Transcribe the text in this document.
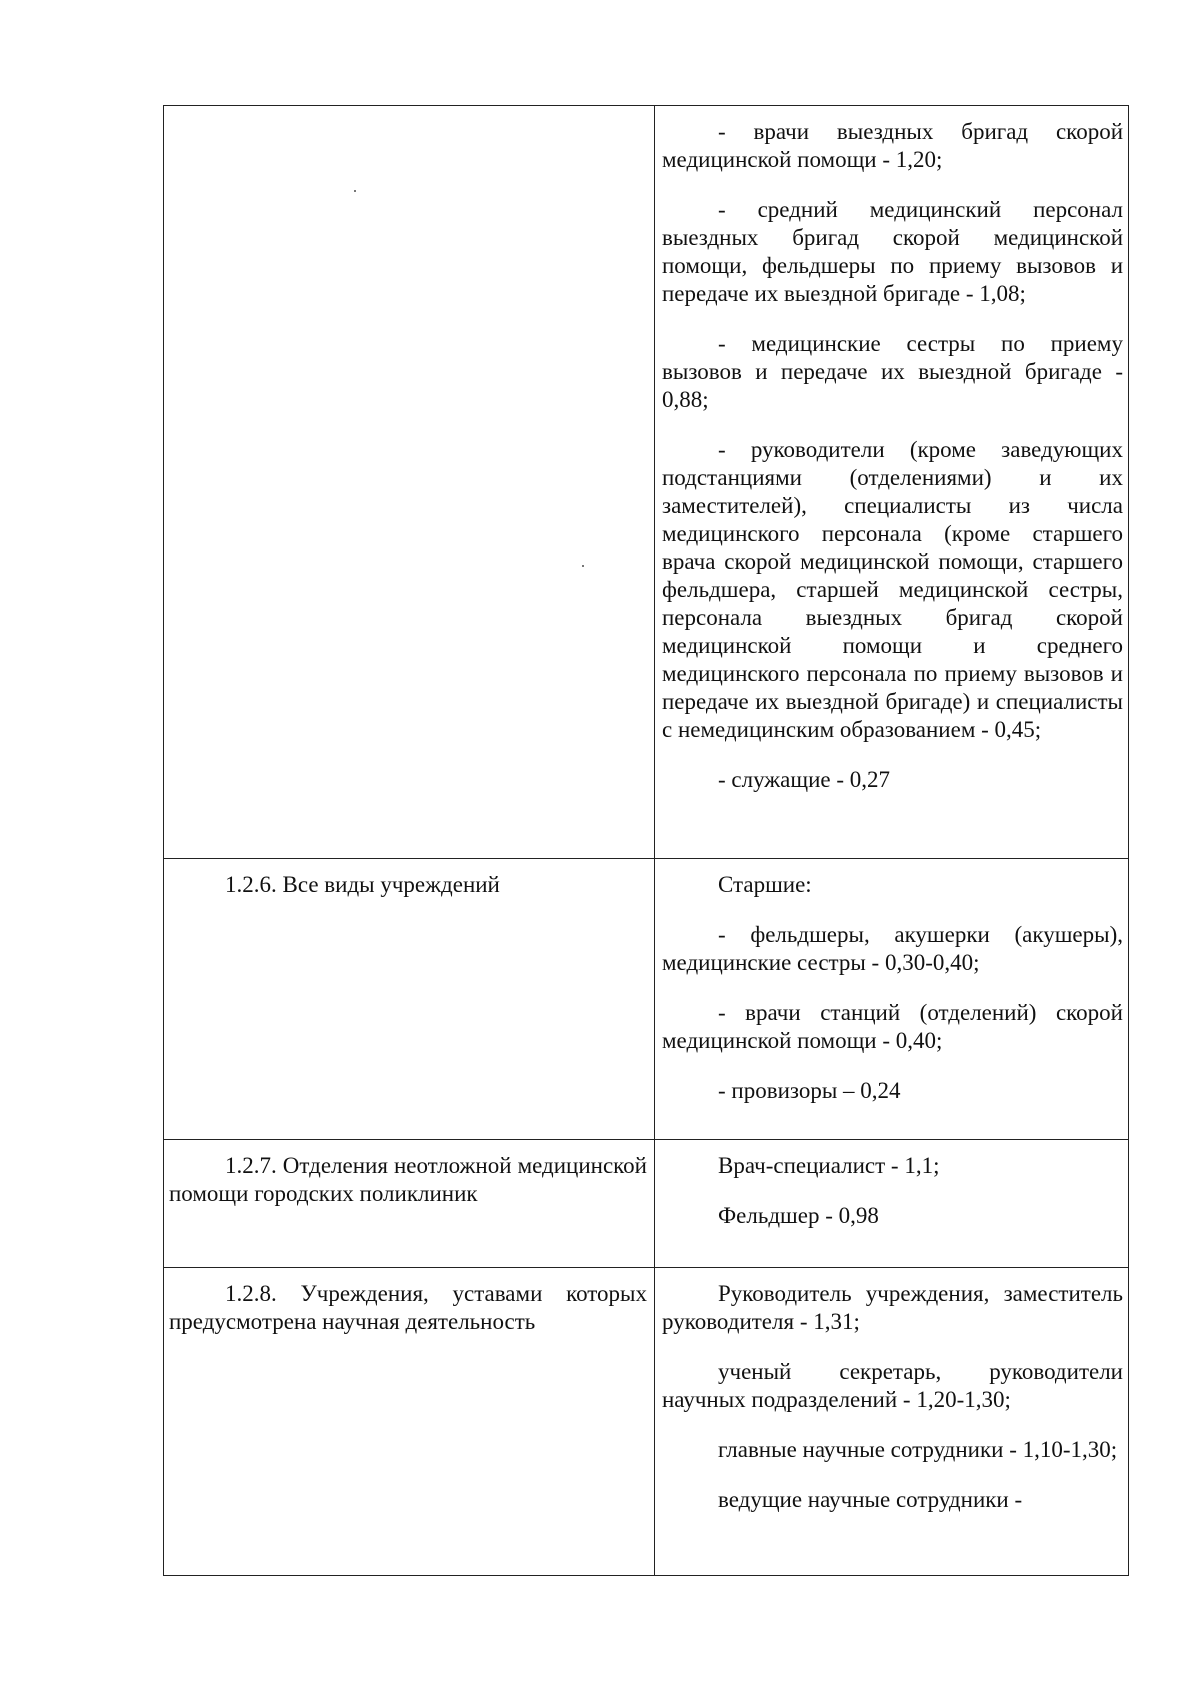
	- врачи выездных бригад скорой медицинской помощи - 1,20;
- средний медицинский персонал выездных бригад скорой медицинской помощи, фельдшеры по приему вызовов и передаче их выездной бригаде - 1,08;
- медицинские сестры по приему вызовов и передаче их выездной бригаде - 0,88;
- руководители (кроме заведующих подстанциями (отделениями) и их заместителей), специалисты из числа медицинского персонала (кроме старшего врача скорой медицинской помощи, старшего фельдшера, старшей медицинской сестры, персонала выездных бригад скорой медицинской помощи и среднего медицинского персонала по приему вызовов и передаче их выездной бригаде) и специалисты с немедицинским образованием - 0,45;
- служащие - 0,27

1.2.6. Все виды учреждений	Старшие:
- фельдшеры, акушерки (акушеры), медицинские сестры - 0,30-0,40;
- врачи станций (отделений) скорой медицинской помощи - 0,40;
- провизоры – 0,24

1.2.7. Отделения неотложной медицинской помощи городских поликлиник	Врач-специалист - 1,1;
Фельдшер - 0,98

1.2.8. Учреждения, уставами которых предусмотрена научная деятельность	Руководитель учреждения, заместитель руководителя - 1,31;
ученый секретарь, руководители научных подразделений - 1,20-1,30;
главные научные сотрудники - 1,10-1,30;
ведущие научные сотрудники -
